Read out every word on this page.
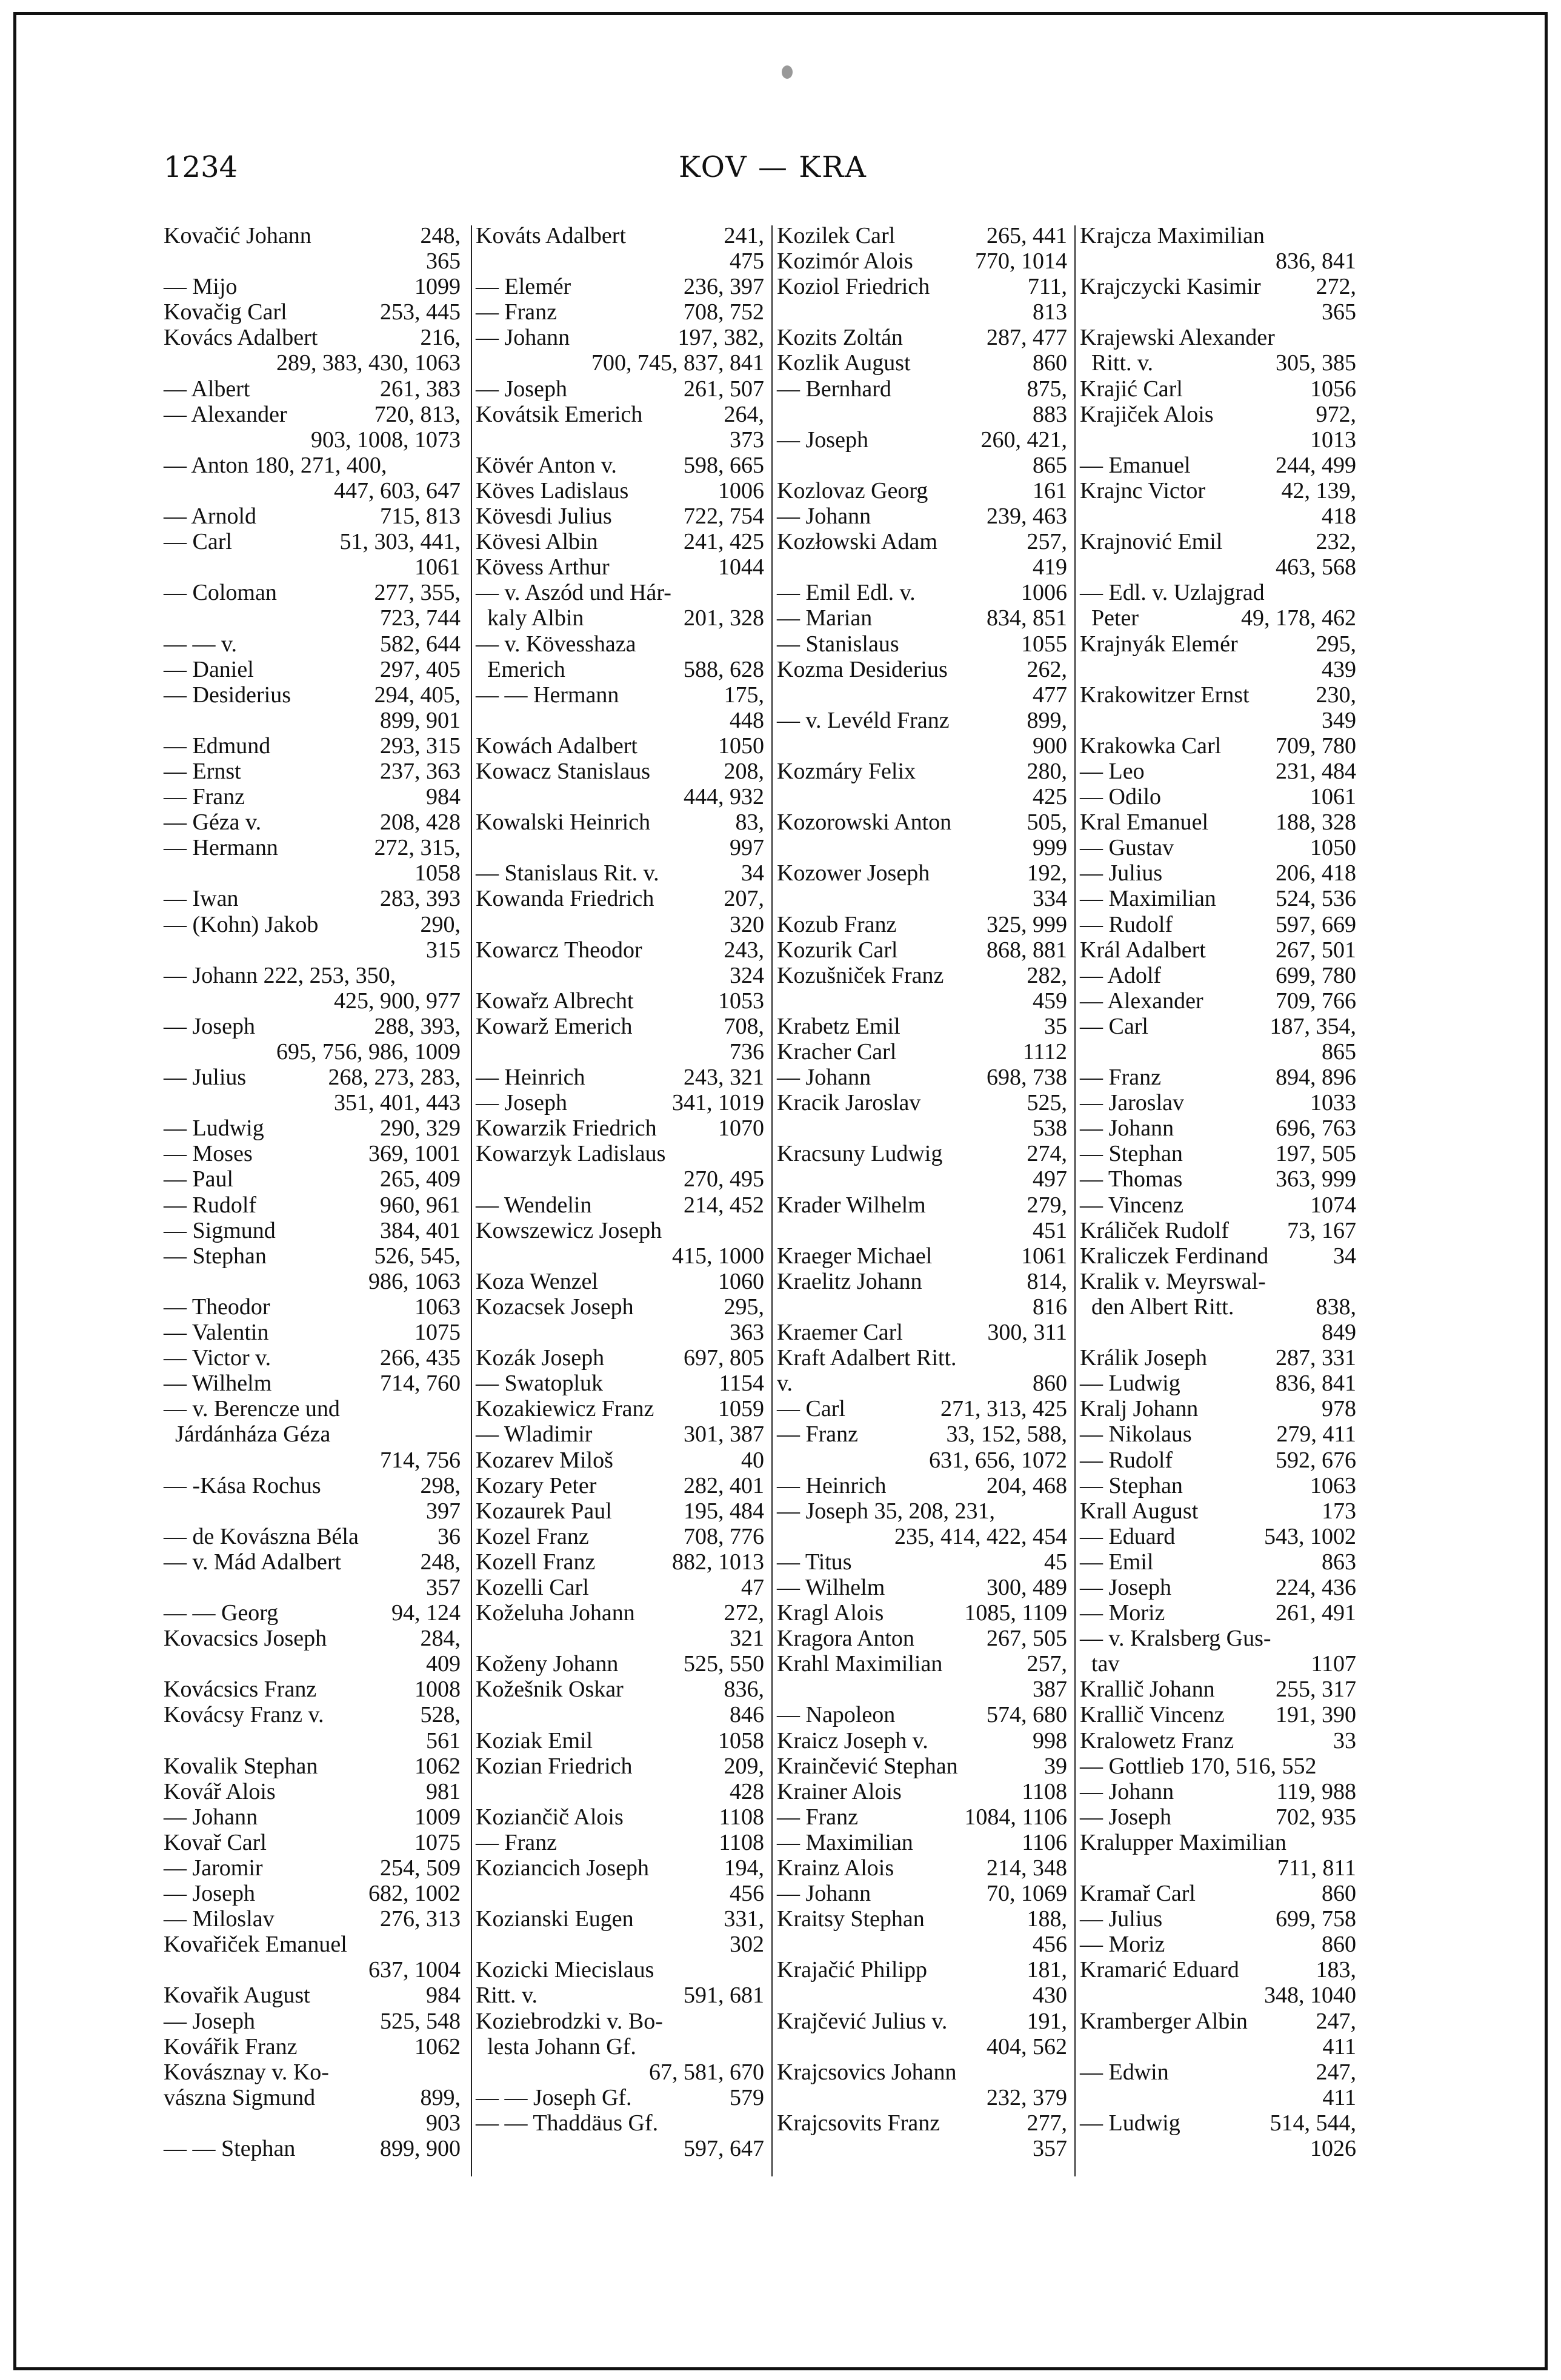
1234	KOV — KRA
Kovačić Johann	248,
365
— Mijo	1099
Kovačig Carl	253, 445
Kovács Adalbert	216,
289, 383, 430, 1063
— Albert	261, 383
— Alexander	720, 813,
903, 1008, 1073
— Anton 180, 271, 400,
447, 603, 647
— Arnold	715, 813
— Carl	51, 303, 441,
1061
— Coloman	277, 355,
723, 744
— — v.	582, 644
— Daniel	297, 405
— Desiderius	294, 405,
899, 901
— Edmund	293, 315
— Ernst	237, 363
— Franz	984
— Géza v.	208, 428
— Hermann	272, 315,
1058
— Iwan	283, 393
— (Kohn) Jakob	290,
315
— Johann 222, 253, 350,
425, 900, 977
— Joseph	288, 393,
695, 756, 986, 1009
— Julius	268, 273, 283,
351, 401, 443
— Ludwig	290, 329
— Moses	369, 1001
— Paul	265, 409
— Rudolf	960, 961
— Sigmund	384, 401
— Stephan	526, 545,
986, 1063
— Theodor	1063
— Valentin	1075
— Victor v.	266, 435
— Wilhelm	714, 760
— v. Berencze und
Járdánháza Géza
714, 756
— -Kása Rochus	298,
397
— de Kovászna Béla	36
— v. Mád Adalbert	248,
357
— — Georg	94, 124
Kovacsics Joseph	284,
409
Kovácsics Franz	1008
Kovácsy Franz v.	528,
561
Kovalik Stephan	1062
Kovář Alois	981
— Johann	1009
Kovař Carl	1075
— Jaromir	254, 509
— Joseph	682, 1002
— Miloslav	276, 313
Kovařiček Emanuel
637, 1004
Kovařik August	984
— Joseph	525, 548
Kovářik Franz	1062
Kovásznay v. Ko-
vászna Sigmund	899,
903
— — Stephan	899, 900
Kováts Adalbert	241,
475
— Elemér	236, 397
— Franz	708, 752
— Johann	197, 382,
700, 745, 837, 841
— Joseph	261, 507
Kovátsik Emerich	264,
373
Kövér Anton v.	598, 665
Köves Ladislaus	1006
Kövesdi Julius	722, 754
Kövesi Albin	241, 425
Kövess Arthur	1044
— v. Aszód und Hár-
kaly Albin	201, 328
— v. Kövesshaza
Emerich	588, 628
— — Hermann	175,
448
Kowách Adalbert	1050
Kowacz Stanislaus	208,
444, 932
Kowalski Heinrich	83,
997
— Stanislaus Rit. v.	34
Kowanda Friedrich	207,
320
Kowarcz Theodor	243,
324
Kowařz Albrecht	1053
Kowarž Emerich	708,
736
— Heinrich	243, 321
— Joseph	341, 1019
Kowarzik Friedrich	1070
Kowarzyk Ladislaus
270, 495
— Wendelin	214, 452
Kowszewicz Joseph
415, 1000
Koza Wenzel	1060
Kozacsek Joseph	295,
363
Kozák Joseph	697, 805
— Swatopluk	1154
Kozakiewicz Franz	1059
— Wladimir	301, 387
Kozarev Miloš	40
Kozary Peter	282, 401
Kozaurek Paul	195, 484
Kozel Franz	708, 776
Kozell Franz	882, 1013
Kozelli Carl	47
Koželuha Johann	272,
321
Koženy Johann	525, 550
Kožešnik Oskar	836,
846
Koziak Emil	1058
Kozian Friedrich	209,
428
Koziančič Alois	1108
— Franz	1108
Koziancich Joseph	194,
456
Kozianski Eugen	331,
302
Kozicki Miecislaus
Ritt. v.	591, 681
Koziebrodzki v. Bo-
lesta Johann Gf.
67, 581, 670
— — Joseph Gf.	579
— — Thaddäus Gf.
597, 647
Kozilek Carl	265, 441
Kozimór Alois	770, 1014
Koziol Friedrich	711,
813
Kozits Zoltán	287, 477
Kozlik August	860
— Bernhard	875,
883
— Joseph	260, 421,
865
Kozlovaz Georg	161
— Johann	239, 463
Kozłowski Adam	257,
419
— Emil Edl. v.	1006
— Marian	834, 851
— Stanislaus	1055
Kozma Desiderius	262,
477
— v. Levéld Franz	899,
900
Kozmáry Felix	280,
425
Kozorowski Anton	505,
999
Kozower Joseph	192,
334
Kozub Franz	325, 999
Kozurik Carl	868, 881
Kozušniček Franz	282,
459
Krabetz Emil	35
Kracher Carl	1112
— Johann	698, 738
Kracik Jaroslav	525,
538
Kracsuny Ludwig	274,
497
Krader Wilhelm	279,
451
Kraeger Michael	1061
Kraelitz Johann	814,
816
Kraemer Carl	300, 311
Kraft Adalbert Ritt.
v.	860
— Carl	271, 313, 425
— Franz	33, 152, 588,
631, 656, 1072
— Heinrich	204, 468
— Joseph 35, 208, 231,
235, 414, 422, 454
— Titus	45
— Wilhelm	300, 489
Kragl Alois	1085, 1109
Kragora Anton	267, 505
Krahl Maximilian	257,
387
— Napoleon	574, 680
Kraicz Joseph v.	998
Krainčević Stephan	39
Krainer Alois	1108
— Franz	1084, 1106
— Maximilian	1106
Krainz Alois	214, 348
— Johann	70, 1069
Kraitsy Stephan	188,
456
Krajačić Philipp	181,
430
Krajčević Julius v.	191,
404, 562
Krajcsovics Johann
232, 379
Krajcsovits Franz	277,
357
Krajcza Maximilian
836, 841
Krajczycki Kasimir 272,
365
Krajewski Alexander
Ritt. v.	305, 385
Krajić Carl	1056
Krajiček Alois	972,
1013
— Emanuel	244, 499
Krajnc Victor	42, 139,
418
Krajnović Emil	232,
463, 568
— Edl. v. Uzlajgrad
Peter	49, 178, 462
Krajnyák Elemér	295,
439
Krakowitzer Ernst	230,
349
Krakowka Carl 709, 780
— Leo	231, 484
— Odilo	1061
Kral Emanuel	188, 328
— Gustav	1050
— Julius	206, 418
— Maximilian	524, 536
— Rudolf	597, 669
Král Adalbert	267, 501
— Adolf	699, 780
— Alexander	709, 766
— Carl	187, 354,
865
— Franz	894, 896
— Jaroslav	1033
— Johann	696, 763
— Stephan	197, 505
— Thomas	363, 999
— Vincenz	1074
Králiček Rudolf	73, 167
Kraliczek Ferdinand	34
Kralik v. Meyrswal-
den Albert Ritt.	838,
849
Králik Joseph	287, 331
— Ludwig	836, 841
Kralj Johann	978
— Nikolaus	279, 411
— Rudolf	592, 676
— Stephan	1063
Krall August	173
— Eduard	543, 1002
— Emil	863
— Joseph	224, 436
— Moriz	261, 491
— v. Kralsberg Gus-
tav	1107
Krallič Johann	255, 317
Krallič Vincenz 191, 390
Kralowetz Franz	33
— Gottlieb 170, 516, 552
— Johann	119, 988
— Joseph	702, 935
Kralupper Maximilian
711, 811
Kramař Carl	860
— Julius	699, 758
— Moriz	860
Kramarić Eduard	183,
348, 1040
Kramberger Albin	247,
411
— Edwin	247,
411
— Ludwig	514, 544,
1026
